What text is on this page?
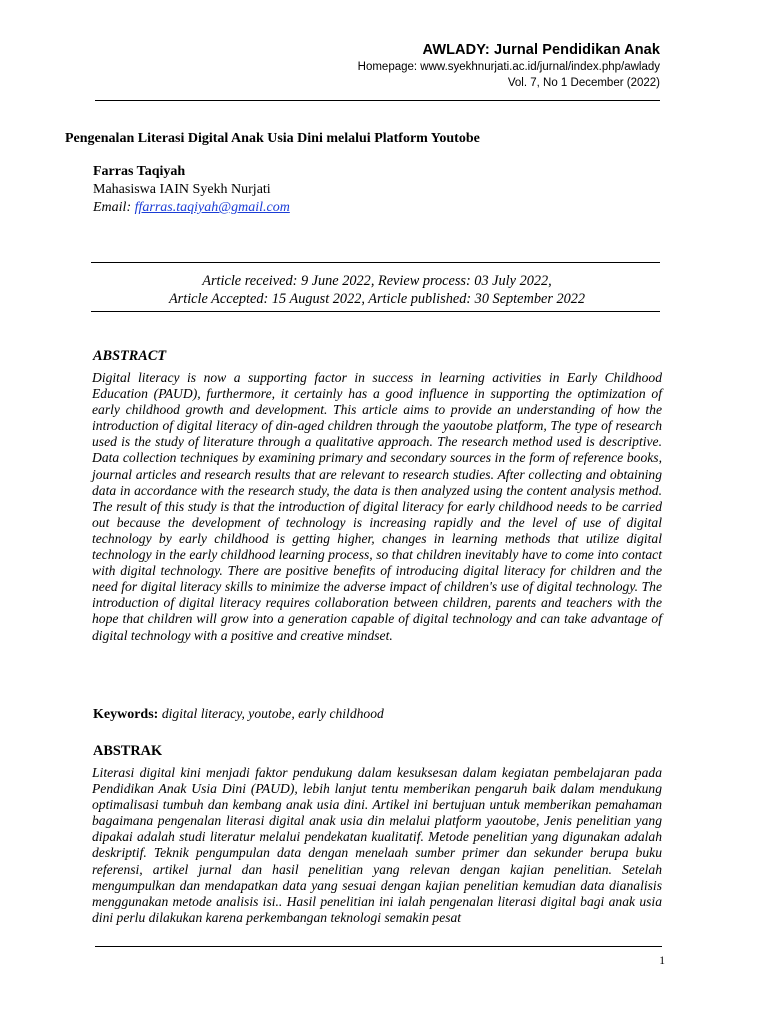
AWLADY: Jurnal Pendidikan Anak
Homepage: www.syekhnurjati.ac.id/jurnal/index.php/awlady
Vol. 7, No 1 December (2022)
Pengenalan Literasi Digital Anak Usia Dini melalui Platform Youtobe
Farras Taqiyah
Mahasiswa IAIN Syekh Nurjati
Email: ffarras.taqiyah@gmail.com
Article received: 9 June 2022, Review process: 03 July 2022,
Article Accepted: 15 August 2022, Article published: 30 September 2022
ABSTRACT
Digital literacy is now a supporting factor in success in learning activities in Early Childhood Education (PAUD), furthermore, it certainly has a good influence in supporting the optimization of early childhood growth and development. This article aims to provide an understanding of how the introduction of digital literacy of din-aged children through the yaoutobe platform, The type of research used is the study of literature through a qualitative approach. The research method used is descriptive. Data collection techniques by examining primary and secondary sources in the form of reference books, journal articles and research results that are relevant to research studies. After collecting and obtaining data in accordance with the research study, the data is then analyzed using the content analysis method. The result of this study is that the introduction of digital literacy for early childhood needs to be carried out because the development of technology is increasing rapidly and the level of use of digital technology by early childhood is getting higher, changes in learning methods that utilize digital technology in the early childhood learning process, so that children inevitably have to come into contact with digital technology. There are positive benefits of introducing digital literacy for children and the need for digital literacy skills to minimize the adverse impact of children's use of digital technology. The introduction of digital literacy requires collaboration between children, parents and teachers with the hope that children will grow into a generation capable of digital technology and can take advantage of digital technology with a positive and creative mindset.
Keywords: digital literacy, youtobe, early childhood
ABSTRAK
Literasi digital kini menjadi faktor pendukung dalam kesuksesan dalam kegiatan pembelajaran pada Pendidikan Anak Usia Dini (PAUD), lebih lanjut tentu memberikan pengaruh baik dalam mendukung optimalisasi tumbuh dan kembang anak usia dini. Artikel ini bertujuan untuk memberikan pemahaman bagaimana pengenalan literasi digital anak usia din melalui platform yaoutobe, Jenis penelitian yang dipakai adalah studi literatur melalui pendekatan kualitatif. Metode penelitian yang digunakan adalah deskriptif. Teknik pengumpulan data dengan menelaah sumber primer dan sekunder berupa buku referensi, artikel jurnal dan hasil penelitian yang relevan dengan kajian penelitian. Setelah mengumpulkan dan mendapatkan data yang sesuai dengan kajian penelitian kemudian data dianalisis menggunakan metode analisis isi.. Hasil penelitian ini ialah pengenalan literasi digital bagi anak usia dini perlu dilakukan karena perkembangan teknologi semakin pesat
1
